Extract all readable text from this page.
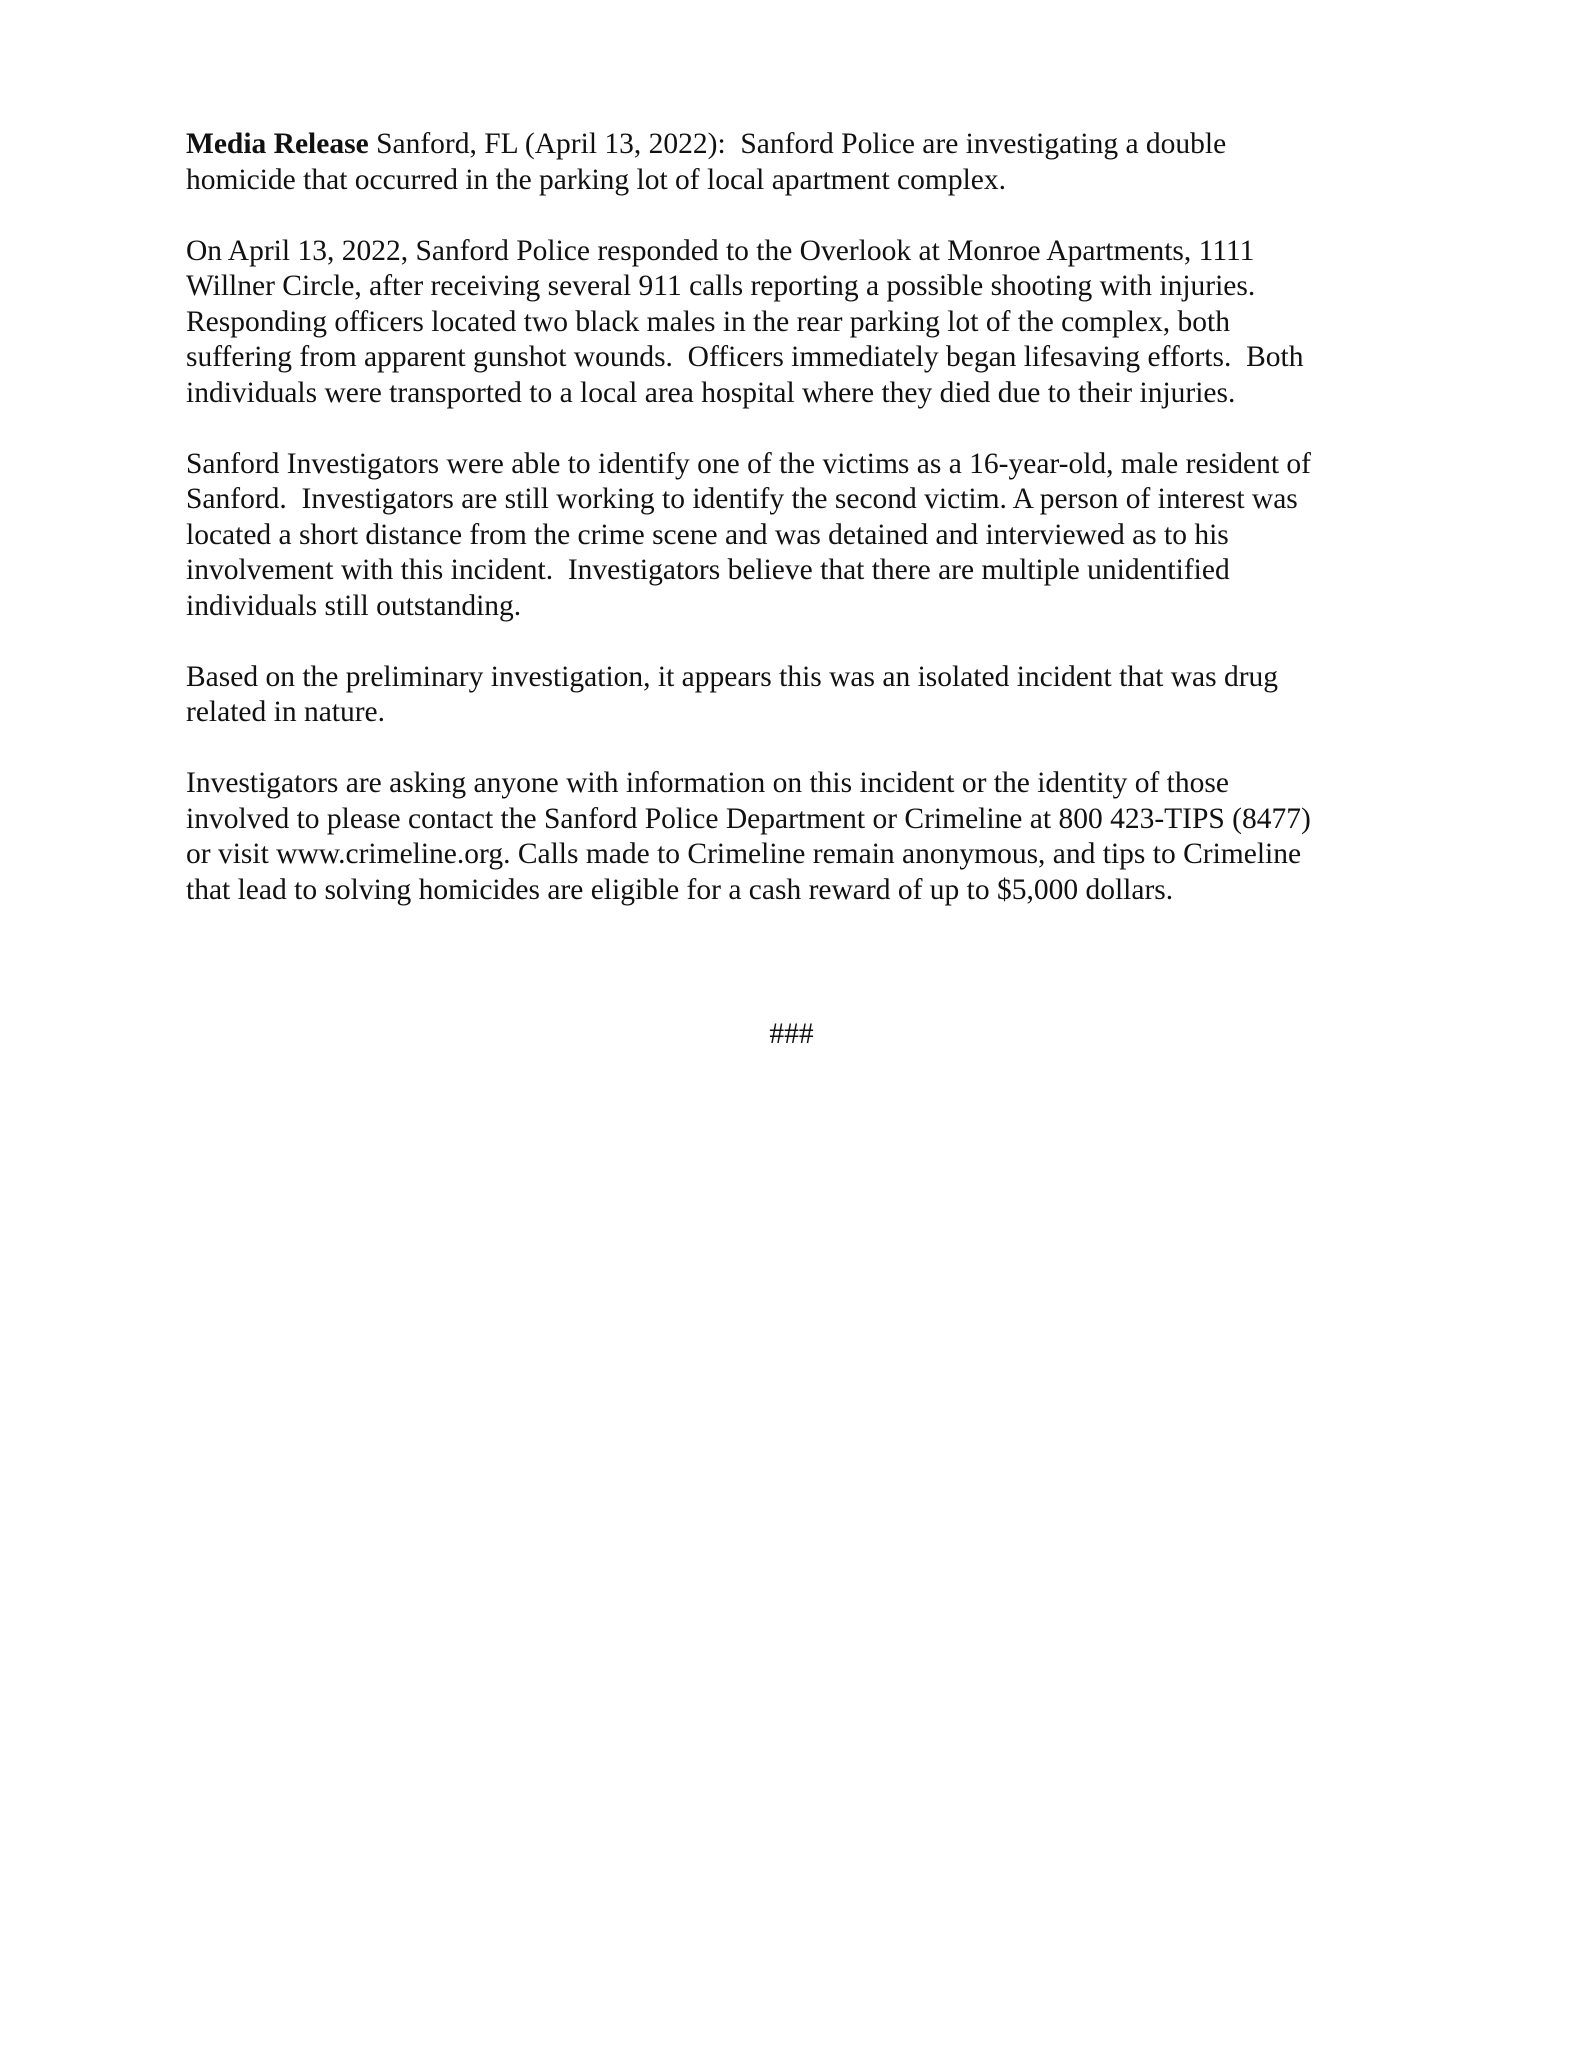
Media Release Sanford, FL (April 13, 2022):  Sanford Police are investigating a double
homicide that occurred in the parking lot of local apartment complex.
On April 13, 2022, Sanford Police responded to the Overlook at Monroe Apartments, 1111
Willner Circle, after receiving several 911 calls reporting a possible shooting with injuries.
Responding officers located two black males in the rear parking lot of the complex, both
suffering from apparent gunshot wounds.  Officers immediately began lifesaving efforts.  Both
individuals were transported to a local area hospital where they died due to their injuries.
Sanford Investigators were able to identify one of the victims as a 16-year-old, male resident of
Sanford.  Investigators are still working to identify the second victim. A person of interest was
located a short distance from the crime scene and was detained and interviewed as to his
involvement with this incident.  Investigators believe that there are multiple unidentified
individuals still outstanding.
Based on the preliminary investigation, it appears this was an isolated incident that was drug
related in nature.
Investigators are asking anyone with information on this incident or the identity of those
involved to please contact the Sanford Police Department or Crimeline at 800 423-TIPS (8477)
or visit www.crimeline.org. Calls made to Crimeline remain anonymous, and tips to Crimeline
that lead to solving homicides are eligible for a cash reward of up to $5,000 dollars.
###
